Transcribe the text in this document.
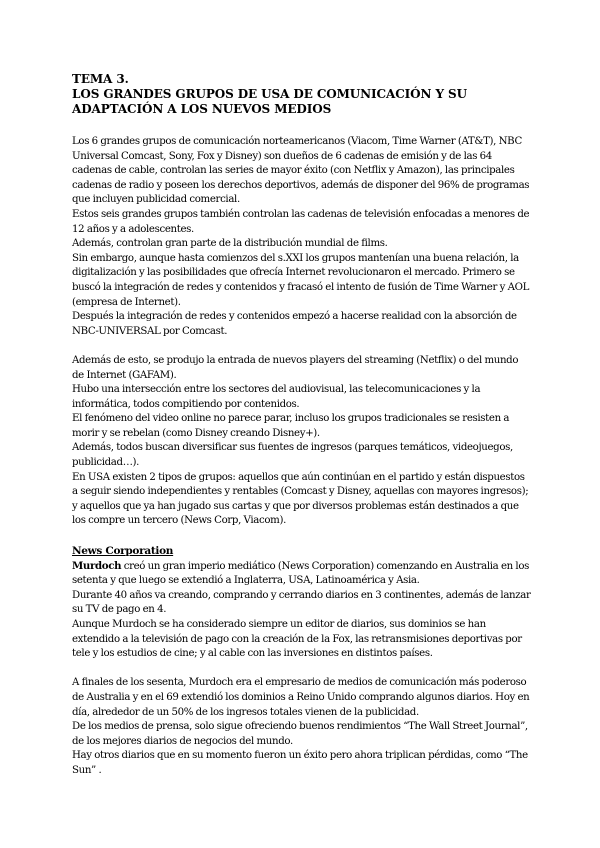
TEMA 3.

LOS GRANDES GRUPOS DE USA DE COMUNICACIÓN Y SU

ADAPTACIÓN A LOS NUEVOS MEDIOS

Los 6 grandes grupos de comunicación norteamericanos (Viacom, Time Warner (AT&T), NBC Universal Comcast, Sony, Fox y Disney) son dueños de 6 cadenas de emisión y de las 64 cadenas de cable, controlan las series de mayor éxito (con Netflix y Amazon), las principales cadenas de radio y poseen los derechos deportivos, además de disponer del 96% de programas que incluyen publicidad comercial.

Estos seis grandes grupos también controlan las cadenas de televisión enfocadas a menores de 12 años y a adolescentes.

Además, controlan gran parte de la distribución mundial de films.

Sin embargo, aunque hasta comienzos del s.XXI los grupos mantenían una buena relación, la digitalización y las posibilidades que ofrecía Internet revolucionaron el mercado. Primero se buscó la integración de redes y contenidos y fracasó el intento de fusión de Time Warner y AOL (empresa de Internet).

Después la integración de redes y contenidos empezó a hacerse realidad con la absorción de NBC-UNIVERSAL por Comcast.

Además de esto, se produjo la entrada de nuevos players del streaming (Netflix) o del mundo de Internet (GAFAM).

Hubo una intersección entre los sectores del audiovisual, las telecomunicaciones y la informática, todos compitiendo por contenidos.

El fenómeno del video online no parece parar, incluso los grupos tradicionales se resisten a morir y se rebelan (como Disney creando Disney+).

Además, todos buscan diversificar sus fuentes de ingresos (parques temáticos, videojuegos, publicidad…).

En USA existen 2 tipos de grupos: aquellos que aún continúan en el partido y están dispuestos a seguir siendo independientes y rentables (Comcast y Disney, aquellas con mayores ingresos); y aquellos que ya han jugado sus cartas y que por diversos problemas están destinados a que los compre un tercero (News Corp, Viacom).

News Corporation

Murdoch creó un gran imperio mediático (News Corporation) comenzando en Australia en los setenta y que luego se extendió a Inglaterra, USA, Latinoamérica y Asia.

Durante 40 años va creando, comprando y cerrando diarios en 3 continentes, además de lanzar su TV de pago en 4.

Aunque Murdoch se ha considerado siempre un editor de diarios, sus dominios se han extendido a la televisión de pago con la creación de la Fox, las retransmisiones deportivas por tele y los estudios de cine; y al cable con las inversiones en distintos países.

A finales de los sesenta, Murdoch era el empresario de medios de comunicación más poderoso de Australia y en el 69 extendió los dominios a Reino Unido comprando algunos diarios. Hoy en día, alrededor de un 50% de los ingresos totales vienen de la publicidad.

De los medios de prensa, solo sigue ofreciendo buenos rendimientos “The Wall Street Journal”, de los mejores diarios de negocios del mundo.

Hay otros diarios que en su momento fueron un éxito pero ahora triplican pérdidas, como “The Sun” .
